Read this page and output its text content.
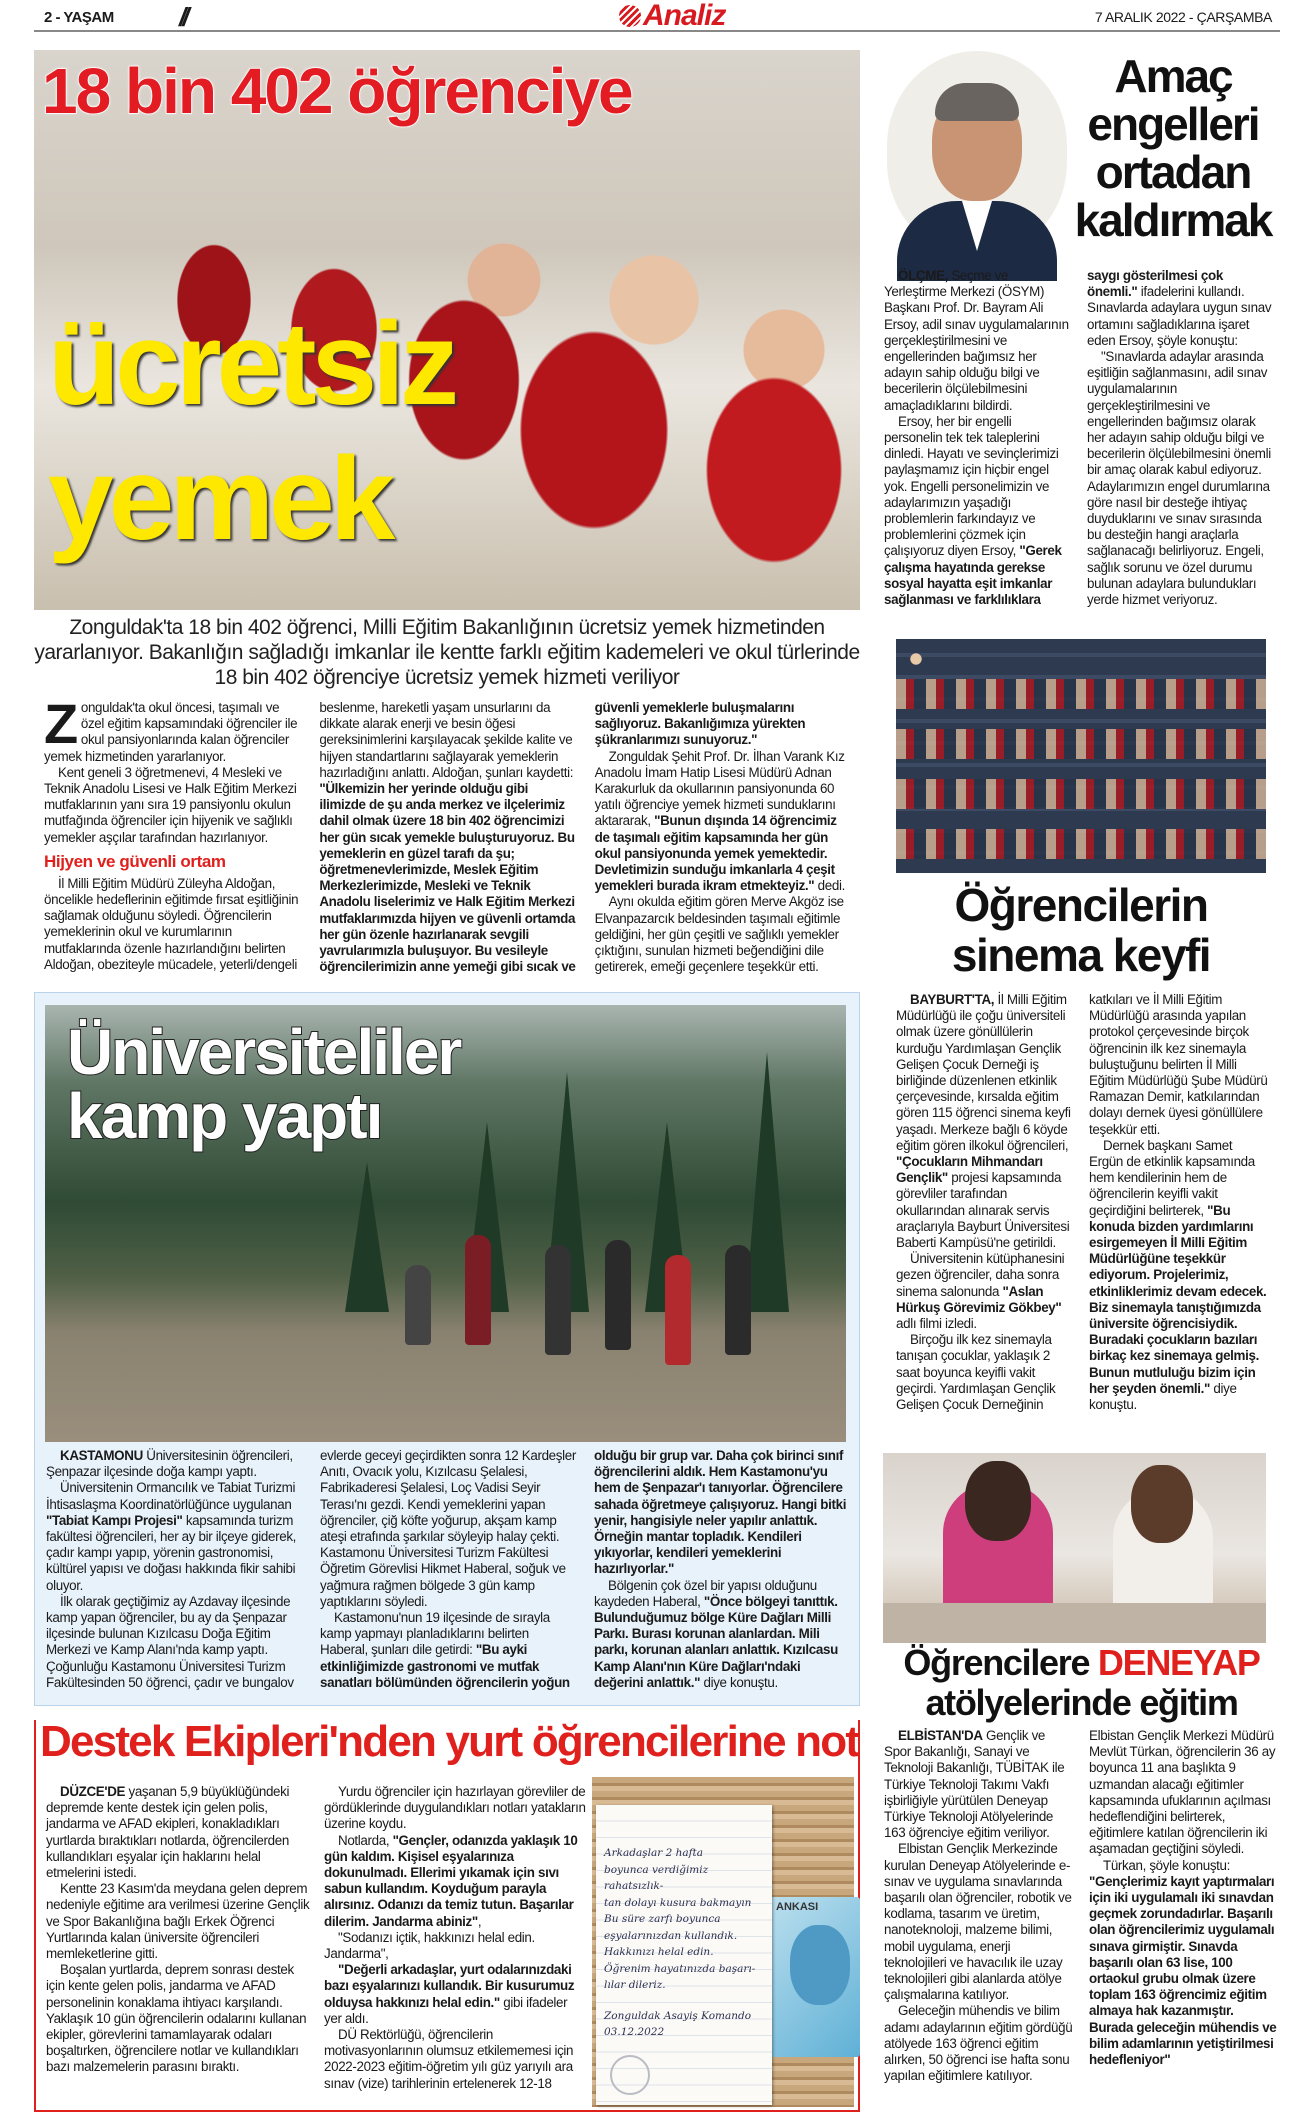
2 - YAŞAM	//	Analiz	7 ARALIK 2022 - ÇARŞAMBA
18 bin 402 öğrenciye
ücretsiz
yemek
Zonguldak'ta 18 bin 402 öğrenci, Milli Eğitim Bakanlığının ücretsiz yemek hizmetinden yararlanıyor. Bakanlığın sağladığı imkanlar ile kentte farklı eğitim kademeleri ve okul türlerinde 18 bin 402 öğrenciye ücretsiz yemek hizmeti veriliyor

Zonguldak'ta okul öncesi, taşımalı ve özel eğitim kapsamındaki öğrenciler ile okul pansiyonlarında kalan öğrenciler yemek hizmetinden yararlanıyor.

Kent geneli 3 öğretmenevi, 4 Mesleki ve Teknik Anadolu Lisesi ve Halk Eğitim Merkezi mutfaklarının yanı sıra 19 pansiyonlu okulun mutfağında öğrenciler için hijyenik ve sağlıklı yemekler aşçılar tarafından hazırlanıyor.

Hijyen ve güvenli ortam

İl Milli Eğitim Müdürü Züleyha Aldoğan, öncelikle hedeflerinin eğitimde fırsat eşitliğinin sağlamak olduğunu söyledi. Öğrencilerin yemeklerinin okul ve kurumlarının mutfaklarında özenle hazırlandığını belirten Aldoğan, obeziteyle mücadele, yeterli/dengeli beslenme, hareketli yaşam unsurlarını da dikkate alarak enerji ve besin öğesi gereksinimlerini karşılayacak şekilde kalite ve hijyen standartlarını sağlayarak yemeklerin hazırladığını anlattı. Aldoğan, şunları kaydetti: "Ülkemizin her yerinde olduğu gibi ilimizde de şu anda merkez ve ilçelerimiz dahil olmak üzere 18 bin 402 öğrencimizi her gün sıcak yemekle buluşturuyoruz. Bu yemeklerin en güzel tarafı da şu; öğretmenevlerimizde, Meslek Eğitim Merkezlerimizde, Mesleki ve Teknik Anadolu liselerimiz ve Halk Eğitim Merkezi mutfaklarımızda hijyen ve güvenli ortamda her gün özenle hazırlanarak sevgili yavrularımızla buluşuyor. Bu vesileyle öğrencilerimizin anne yemeği gibi sıcak ve güvenli yemeklerle buluşmalarını sağlıyoruz. Bakanlığımıza yürekten şükranlarımızı sunuyoruz."

Zonguldak Şehit Prof. Dr. İlhan Varank Kız Anadolu İmam Hatip Lisesi Müdürü Adnan Karakurluk da okullarının pansiyonunda 60 yatılı öğrenciye yemek hizmeti sunduklarını aktararak, "Bunun dışında 14 öğrencimiz de taşımalı eğitim kapsamında her gün okul pansiyonunda yemek yemektedir. Devletimizin sunduğu imkanlarla 4 çeşit yemekleri burada ikram etmekteyiz." dedi.

Aynı okulda eğitim gören Merve Akgöz ise Elvanpazarcık beldesinden taşımalı eğitimle geldiğini, her gün çeşitli ve sağlıklı yemekler çıktığını, sunulan hizmeti beğendiğini dile getirerek, emeği geçenlere teşekkür etti.

Amaç engelleri ortadan kaldırmak

ÖLÇME, Seçme ve Yerleştirme Merkezi (ÖSYM) Başkanı Prof. Dr. Bayram Ali Ersoy, adil sınav uygulamalarının gerçekleştirilmesini ve engellerinden bağımsız her adayın sahip olduğu bilgi ve becerilerin ölçülebilmesini amaçladıklarını bildirdi.

Ersoy, her bir engelli personelin tek tek taleplerini dinledi. Hayatı ve sevinçlerimizi paylaşmamız için hiçbir engel yok. Engelli personelimizin ve adaylarımızın yaşadığı problemlerin farkındayız ve problemlerini çözmek için çalışıyoruz diyen Ersoy, "Gerek çalışma hayatında gerekse sosyal hayatta eşit imkanlar sağlanması ve farklılıklara saygı gösterilmesi çok önemli." ifadelerini kullandı. Sınavlarda adaylara uygun sınav ortamını sağladıklarına işaret eden Ersoy, şöyle konuştu:

"Sınavlarda adaylar arasında eşitliğin sağlanmasını, adil sınav uygulamalarının gerçekleştirilmesini ve engellerinden bağımsız olarak her adayın sahip olduğu bilgi ve becerilerin ölçülebilmesini önemli bir amaç olarak kabul ediyoruz. Adaylarımızın engel durumlarına göre nasıl bir desteğe ihtiyaç duyduklarını ve sınav sırasında bu desteğin hangi araçlarla sağlanacağı belirliyoruz. Engeli, sağlık sorunu ve özel durumu bulunan adaylara bulundukları yerde hizmet veriyoruz.

Öğrencilerin sinema keyfi

BAYBURT'TA, İl Milli Eğitim Müdürlüğü ile çoğu üniversiteli olmak üzere gönüllülerin kurduğu Yardımlaşan Gençlik Gelişen Çocuk Derneği iş birliğinde düzenlenen etkinlik çerçevesinde, kırsalda eğitim gören 115 öğrenci sinema keyfi yaşadı. Merkeze bağlı 6 köyde eğitim gören ilkokul öğrencileri, "Çocukların Mihmandarı Gençlik" projesi kapsamında görevliler tarafından okullarından alınarak servis araçlarıyla Bayburt Üniversitesi Baberti Kampüsü'ne getirildi.

Üniversitenin kütüphanesini gezen öğrenciler, daha sonra sinema salonunda "Aslan Hürkuş Görevimiz Gökbey" adlı filmi izledi.

Birçoğu ilk kez sinemayla tanışan çocuklar, yaklaşık 2 saat boyunca keyifli vakit geçirdi. Yardımlaşan Gençlik Gelişen Çocuk Derneğinin katkıları ve İl Milli Eğitim Müdürlüğü arasında yapılan protokol çerçevesinde birçok öğrencinin ilk kez sinemayla buluştuğunu belirten İl Milli Eğitim Müdürlüğü Şube Müdürü Ramazan Demir, katkılarından dolayı dernek üyesi gönüllülere teşekkür etti.

Dernek başkanı Samet Ergün de etkinlik kapsamında hem kendilerinin hem de öğrencilerin keyifli vakit geçirdiğini belirterek, "Bu konuda bizden yardımlarını esirgemeyen İl Milli Eğitim Müdürlüğüne teşekkür ediyorum. Projelerimiz, etkinliklerimiz devam edecek. Biz sinemayla tanıştığımızda üniversite öğrencisiydik. Buradaki çocukların bazıları birkaç kez sinemaya gelmiş. Bunun mutluluğu bizim için her şeyden önemli." diye konuştu.

Üniversiteliler
kamp yaptı

KASTAMONU Üniversitesinin öğrencileri, Şenpazar ilçesinde doğa kampı yaptı.

Üniversitenin Ormancılık ve Tabiat Turizmi İhtisaslaşma Koordinatörlüğünce uygulanan "Tabiat Kampı Projesi" kapsamında turizm fakültesi öğrencileri, her ay bir ilçeye giderek, çadır kampı yapıp, yörenin gastronomisi, kültürel yapısı ve doğası hakkında fikir sahibi oluyor.

İlk olarak geçtiğimiz ay Azdavay ilçesinde kamp yapan öğrenciler, bu ay da Şenpazar ilçesinde bulunan Kızılcasu Doğa Eğitim Merkezi ve Kamp Alanı'nda kamp yaptı. Çoğunluğu Kastamonu Üniversitesi Turizm Fakültesinden 50 öğrenci, çadır ve bungalov evlerde geceyi geçirdikten sonra 12 Kardeşler Anıtı, Ovacık yolu, Kızılcasu Şelalesi, Fabrikaderesi Şelalesi, Loç Vadisi Seyir Terası'nı gezdi. Kendi yemeklerini yapan öğrenciler, çiğ köfte yoğurup, akşam kamp ateşi etrafında şarkılar söyleyip halay çekti. Kastamonu Üniversitesi Turizm Fakültesi Öğretim Görevlisi Hikmet Haberal, soğuk ve yağmura rağmen bölgede 3 gün kamp yaptıklarını söyledi.

Kastamonu'nun 19 ilçesinde de sırayla kamp yapmayı planladıklarını belirten Haberal, şunları dile getirdi: "Bu ayki etkinliğimizde gastronomi ve mutfak sanatları bölümünden öğrencilerin yoğun olduğu bir grup var. Daha çok birinci sınıf öğrencilerini aldık. Hem Kastamonu'yu hem de Şenpazar'ı tanıyorlar. Öğrencilere sahada öğretmeye çalışıyoruz. Hangi bitki yenir, hangisiyle neler yapılır anlattık. Örneğin mantar topladık. Kendileri yıkıyorlar, kendileri yemeklerini hazırlıyorlar."

Bölgenin çok özel bir yapısı olduğunu kaydeden Haberal, "Önce bölgeyi tanıttık. Bulunduğumuz bölge Küre Dağları Milli Parkı. Burası korunan alanlardan. Mili parkı, korunan alanları anlattık. Kızılcasu Kamp Alanı'nın Küre Dağları'ndaki değerini anlattık." diye konuştu.	Öğrencilere DENEYAP
atölyelerinde eğitim

ELBİSTAN'DA Gençlik ve Spor Bakanlığı, Sanayi ve Teknoloji Bakanlığı, TÜBİTAK ile Türkiye Teknoloji Takımı Vakfı işbirliğiyle yürütülen Deneyap Türkiye Teknoloji Atölyelerinde 163 öğrenciye eğitim veriliyor.

Elbistan Gençlik Merkezinde kurulan Deneyap Atölyelerinde e-sınav ve uygulama sınavlarında başarılı olan öğrenciler, robotik ve kodlama, tasarım ve üretim, nanoteknoloji, malzeme bilimi, mobil uygulama, enerji teknolojileri ve havacılık ile uzay teknolojileri gibi alanlarda atölye çalışmalarına katılıyor.

Geleceğin mühendis ve bilim adamı adaylarının eğitim gördüğü atölyede 163 öğrenci eğitim alırken, 50 öğrenci ise hafta sonu yapılan eğitimlere katılıyor. Elbistan Gençlik Merkezi Müdürü Mevlüt Türkan, öğrencilerin 36 ay boyunca 11 ana başlıkta 9 uzmandan alacağı eğitimler kapsamında ufuklarının açılması hedeflendiğini belirterek, eğitimlere katılan öğrencilerin iki aşamadan geçtiğini söyledi.

Türkan, şöyle konuştu:

"Gençlerimiz kayıt yaptırmaları için iki uygulamalı iki sınavdan geçmek zorundadırlar. Başarılı olan öğrencilerimiz uygulamalı sınava girmiştir. Sınavda başarılı olan 63 lise, 100 ortaokul grubu olmak üzere toplam 163 öğrencimiz eğitim almaya hak kazanmıştır. Burada geleceğin mühendis ve bilim adamlarının yetiştirilmesi hedefleniyor"

Destek Ekipleri'nden yurt öğrencilerine not

DÜZCE'DE yaşanan 5,9 büyüklüğündeki depremde kente destek için gelen polis, jandarma ve AFAD ekipleri, konakladıkları yurtlarda bıraktıkları notlarda, öğrencilerden kullandıkları eşyalar için haklarını helal etmelerini istedi.

Kentte 23 Kasım'da meydana gelen deprem nedeniyle eğitime ara verilmesi üzerine Gençlik ve Spor Bakanlığına bağlı Erkek Öğrenci Yurtlarında kalan üniversite öğrencileri memleketlerine gitti.

Boşalan yurtlarda, deprem sonrası destek için kente gelen polis, jandarma ve AFAD personelinin konaklama ihtiyacı karşılandı. Yaklaşık 10 gün öğrencilerin odalarını kullanan ekipler, görevlerini tamamlayarak odaları boşaltırken, öğrencilere notlar ve kullandıkları bazı malzemelerin parasını bıraktı.

Yurdu öğrenciler için hazırlayan görevliler de gördüklerinde duygulandıkları notları yatakların üzerine koydu.

Notlarda, "Gençler, odanızda yaklaşık 10 gün kaldım. Kişisel eşyalarınıza dokunulmadı. Ellerimi yıkamak için sıvı sabun kullandım. Koyduğum parayla alırsınız. Odanızı da temiz tutun. Başarılar dilerim. Jandarma abiniz",

"Sodanızı içtik, hakkınızı helal edin. Jandarma",

"Değerli arkadaşlar, yurt odalarınızdaki bazı eşyalarınızı kullandık. Bir kusurumuz olduysa hakkınızı helal edin." gibi ifadeler yer aldı.

DÜ Rektörlüğü, öğrencilerin motivasyonlarının olumsuz etkilememesi için 2022-2023 eğitim-öğretim yılı güz yarıyılı ara sınav (vize) tarihlerinin ertelenerek 12-18

ANKASI
Arkadaşlar 2 hafta
boyunca verdiğimiz rahatsızlık-
tan dolayı kusura bakmayın
Bu süre zarfı boyunca
eşyalarınızdan kullandık.
Hakkınızı helal edin.
Öğrenim hayatınızda başarı-
lılar dileriz.
Zonguldak Asayiş Komando
03.12.2022
